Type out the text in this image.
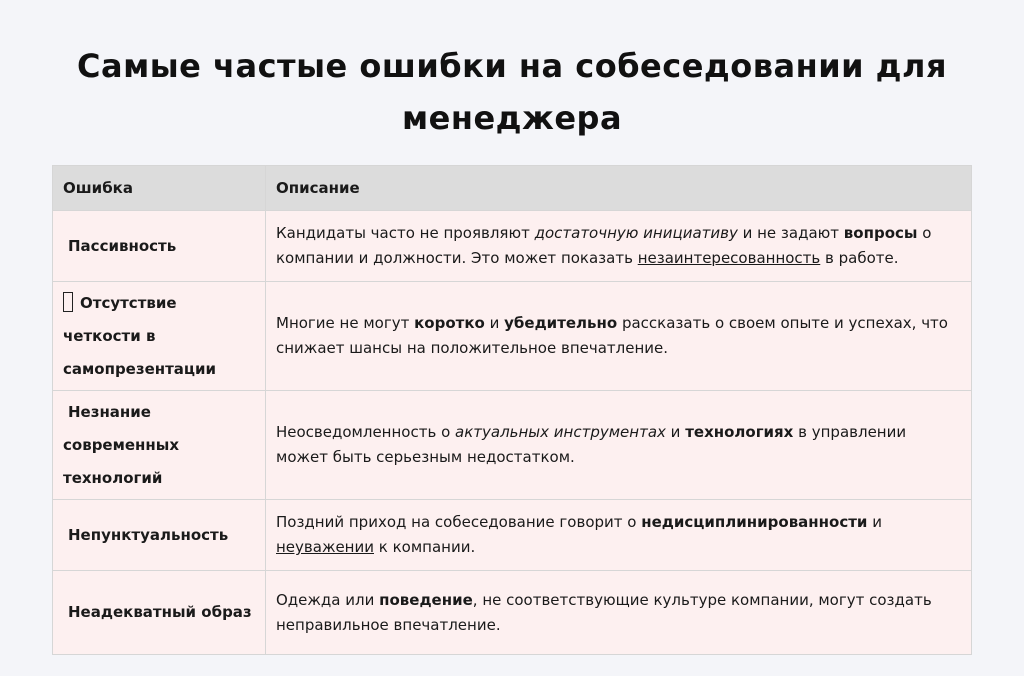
Самые частые ошибки на собеседовании для менеджера
Ошибка	Описание
Пассивность	Кандидаты часто не проявляют достаточную инициативу и не задают вопросы о компании и должности. Это может показать незаинтересованность в работе.
Отсутствие четкости в самопрезентации	Многие не могут коротко и убедительно рассказать о своем опыте и успехах, что снижает шансы на положительное впечатление.
Незнание современных технологий	Неосведомленность о актуальных инструментах и технологиях в управлении может быть серьезным недостатком.
Непунктуальность	Поздний приход на собеседование говорит о недисциплинированности и неуважении к компании.
Неадекватный образ	Одежда или поведение, не соответствующие культуре компании, могут создать неправильное впечатление.
